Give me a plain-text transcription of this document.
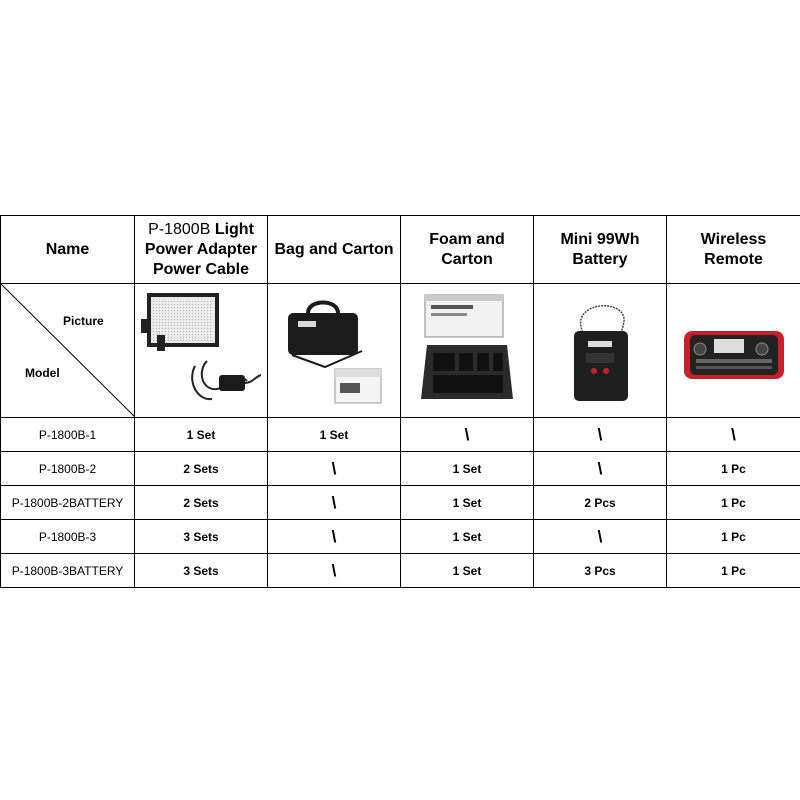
Name	P-1800B Light
Power Adapter
Power Cable	Bag and Carton	Foam and
Carton	Mini 99Wh
Battery	Wireless
Remote

Picture
Model

P-1800B-1	1 Set	1 Set	\	\	\
P-1800B-2	2 Sets	\	1 Set	\	1 Pc
P-1800B-2BATTERY	2 Sets	\	1 Set	2 Pcs	1 Pc
P-1800B-3	3 Sets	\	1 Set	\	1 Pc
P-1800B-3BATTERY	3 Sets	\	1 Set	3 Pcs	1 Pc
